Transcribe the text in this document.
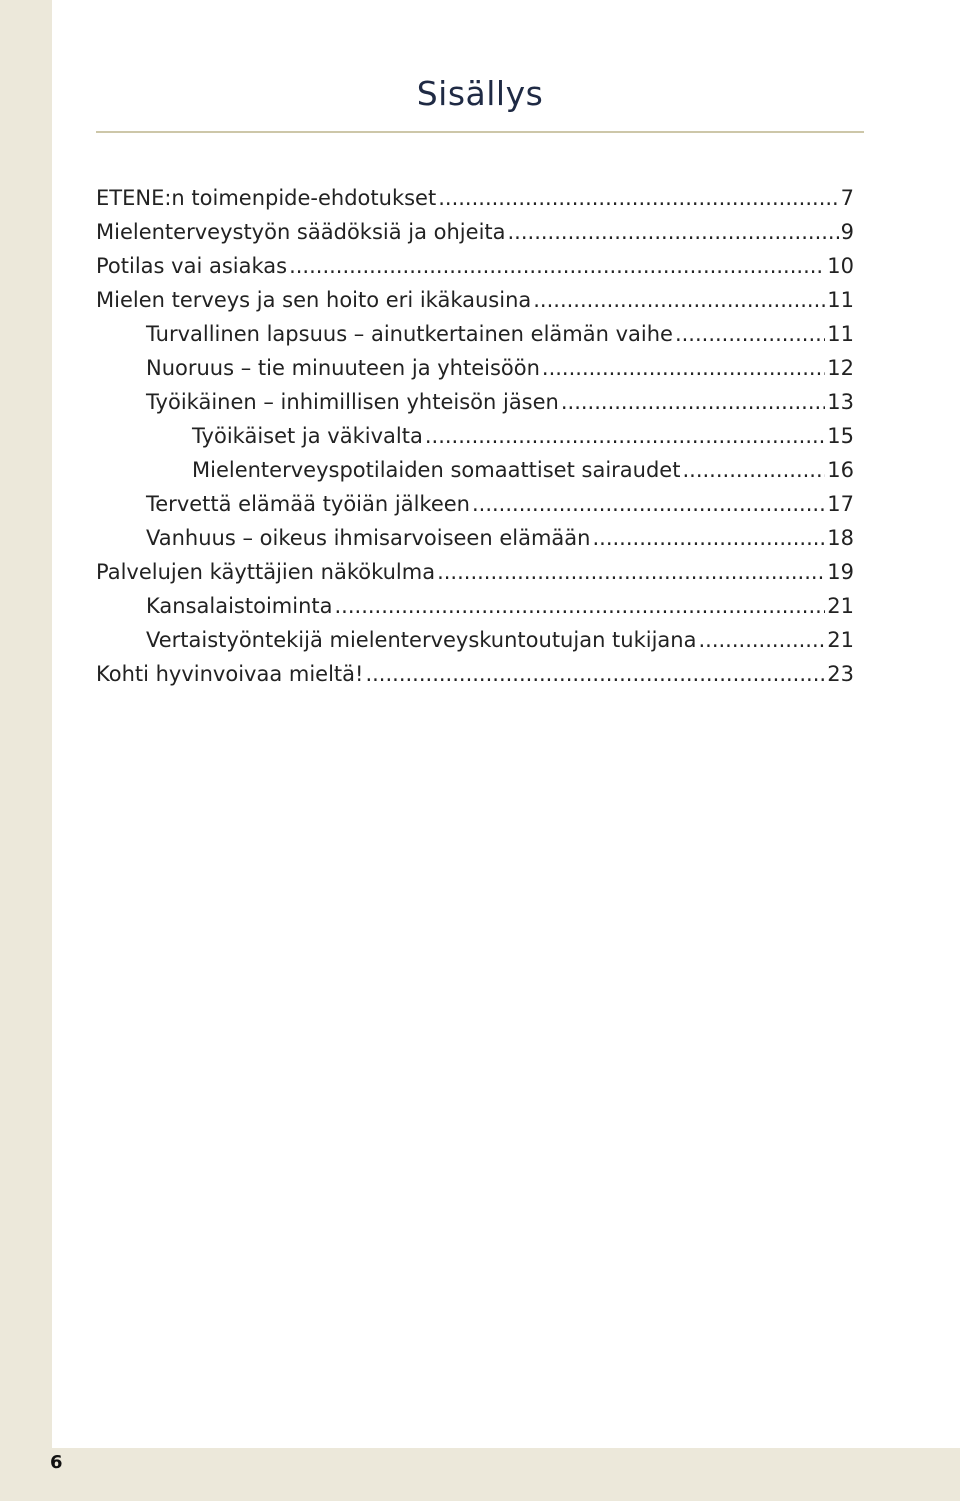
Sisällys
ETENE:n toimenpide-ehdotukset .....	7
Mielenterveystyön säädöksiä ja ohjeita .....	9
Potilas vai asiakas .....	10
Mielen terveys ja sen hoito eri ikäkausina .....	11
Turvallinen lapsuus – ainutkertainen elämän vaihe .....	11
Nuoruus – tie minuuteen ja yhteisöön .....	12
Työikäinen – inhimillisen yhteisön jäsen .....	13
Työikäiset ja väkivalta .....	15
Mielenterveyspotilaiden somaattiset sairaudet .....	16
Tervettä elämää työiän jälkeen .....	17
Vanhuus – oikeus ihmisarvoiseen elämään .....	18
Palvelujen käyttäjien näkökulma .....	19
Kansalaistoiminta .....	21
Vertaistyöntekijä mielenterveyskuntoutujan tukijana .....	21
Kohti hyvinvoivaa mieltä! .....	23
6
